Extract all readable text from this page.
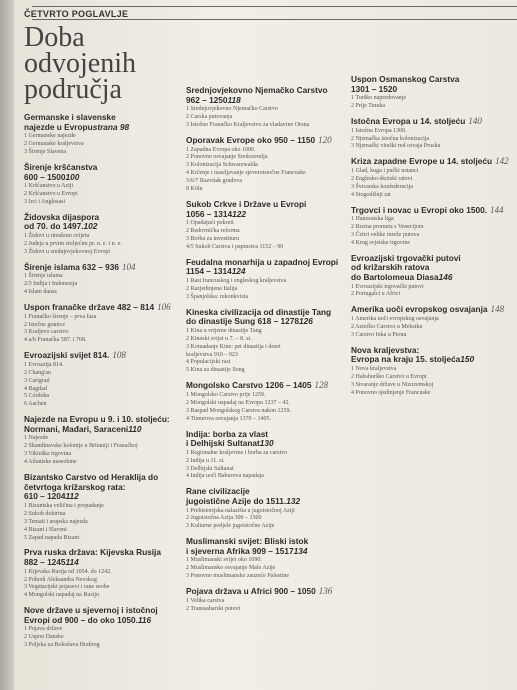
ČETVRTO POGLAVLJE
Doba
odvojenih područja
Germanske i slavenske
najezde u Evropustrana 98
1 Germanske najezde
2 Germanske kraljevstva
3 Širenje Slavena
Širenje kršćanstva
600 – 1500100
1 Kršćanstvo u Aziji
2 Kršćanstvo u Evropi
3 Irci i Anglosasi
Židovska dijaspora
od 70. do 1497.102
1 Židovi u rimskom svijetu
2 Judeja u prvim stoljećim pr. n. e. i n. e.
3 Židovi u srednjovjekovnoj Evropi
Širenje islama 632 – 936 104
1 Širenje islama
2/3 Indija i Indonezija
4 Islam danas
Uspon franačke države 482 – 814 106
1 Franačko širenje – prva faza
2 Istočne granice
3 Kraljevo carstvo
4 a/b Franačka 587. i 768.
Evroazijski svijet 814. 108
1 Evroazija 814.
2 Chang'an
3 Carigrad
4 Bagdad
5 Córdoba
6 Aachen
Najezde na Evropu u 9. i 10. stoljeću:
Normani, Mađari, Saraceni110
1 Najezde
2 Skandinavske kolonije u Britaniji i Franačkoj
3 Vikinška trgovina
4 Atlantske naseobine
Bizantsko Carstvo od Heraklija do
četvrtoga križarskog rata:
610 – 1204112
1 Bizantska veličina i propadanje
2 Sukob doktrina
3 Temati i arapska najezda
4 Bizant i Slaveni
5 Zapad napada Bizant
Prva ruska država: Kijevska Rusija
882 – 1245114
1 Kijevska Rusija od 1054. do 1242.
2 Pohodi Aleksandra Nevskog
3 Vegetacijski pojasevi i rane seobe
4 Mongolski napadaj na Rusiju
Nove države u sjevernoj i istočnoj
Evropi od 900 – do oko 1050.116
1 Pojava države
2 Uspon Danske
3 Poljska za Boleslava Hrabrog
Srednjovjekovno Njemačko Carstvo
962 – 1250118
1 Srednjovjekovno Njemačko Carstvo
2 Carska putovanja
3 Istočno Franačko Kraljevstvo za vladavine Otona
Oporavak Evrope oko 950 – 1150 120
1 Zapadna Evropa oko 1000.
2 Ponovno osvajanje Sredozemlja
3 Kolonizacija Schwarzwalda
4 Krčenje i naseljavanje sjeveroistočne Francuske
5/6/7 Razvitak gradova
8 Köln
Sukob Crkve i Države u Evropi
1056 – 1314122
1 Opadajući pokreti
2 Redovnička reforma
3 Borba za investituru
4/5 Sukob Carstva i papinstva 1152 – 90
Feudalna monarhija u zapadnoj Evropi
1154 – 1314124
1 Rast francuskog i engleskog kraljevstva
2 Razjedinjena Italija
3 Španjolska: rekonkvista
Kineska civilizacija od dinastije Tang
do dinastije Sung 618 – 1278126
1 Kina u vrijeme dinastije Tang
2 Kineski svijet u 7. – 8. st.
3 Komadanje Kine: pet dinastija i deset
kraljevstva 910 – 923
4 Populacijski rast
5 Kina za dinastije Song
Mongolsko Carstvo 1206 – 1405 128
1 Mongolsko Carstvo prije 1259.
2 Mongolski napadaj na Evropu 1237 – 42.
3 Raspad Mongolskog Carstva nakon 1259.
4 Timurova osvajanja 1370 – 1405.
Indija: borba za vlast
i Delhijski Sultanat130
1 Regionalne kraljevine i borba za carstvo
2 Indija u 11. st.
3 Delhijski Sultanat
4 Indija uoči Baburova napadaja
Rane civilizacije
jugoistične Azije do 1511.132
1 Prehistorijska nalazišta u jugoistočnoj Aziji
2 Jugoistočna Azija 300 – 1500
3 Kulturne podjele jugoistočne Azije
Muslimanski svijet: Bliski istok
i sjeverna Afrika 909 – 1517134
1 Muslimanski svijet oko 1090.
2 Muslimansko osvajanje Male Azije
3 Ponovno muslimansko zauzeće Palestine
Pojava država u Africi 900 – 1050 136
1 Velika carstva
2 Transsaharski putovi
Uspon Osmanskog Carstva
1301 – 1520
1 Turško napredovanje
2 Prije Turaka
Istočna Evropa u 14. stoljeću 140
1 Istočna Evropa 1300.
2 Njemačka istočna kolonizacija
3 Njemački viteški red osvaja Prusku
Kriza zapadne Evrope u 14. stoljeću 142
1 Glad, kuga i pučki ustanci
2 Englesko-škotski ratovi
3 Švicarska konfederacija
4 Stogodišnji rat
Trgovci i novac u Evropi oko 1500. 144
1 Hanzeatska liga
2 Brzina prometa s Venecijom
3 Četiri velike mreže putova
4 Krug svjetske trgovine
Evroazijski trgovački putovi
od križarskih ratova
do Bartolomeua Diasa146
1 Evroazijski trgovački putovi
2 Portugalci u Africi
Amerika uoči evropskog osvajanja 148
1 Amerika uoči evropskog osvajanja
2 Aztečko Carstvo u Meksiku
3 Carstvo Inka u Peruu
Nova kraljevstva:
Evropa na kraju 15. stoljeća150
1 Nova kraljevstva
2 Habsburško Carstvo u Evropi
3 Stvaranje države u Nizozemskoj
4 Ponovno sjedinjenje Francuske
